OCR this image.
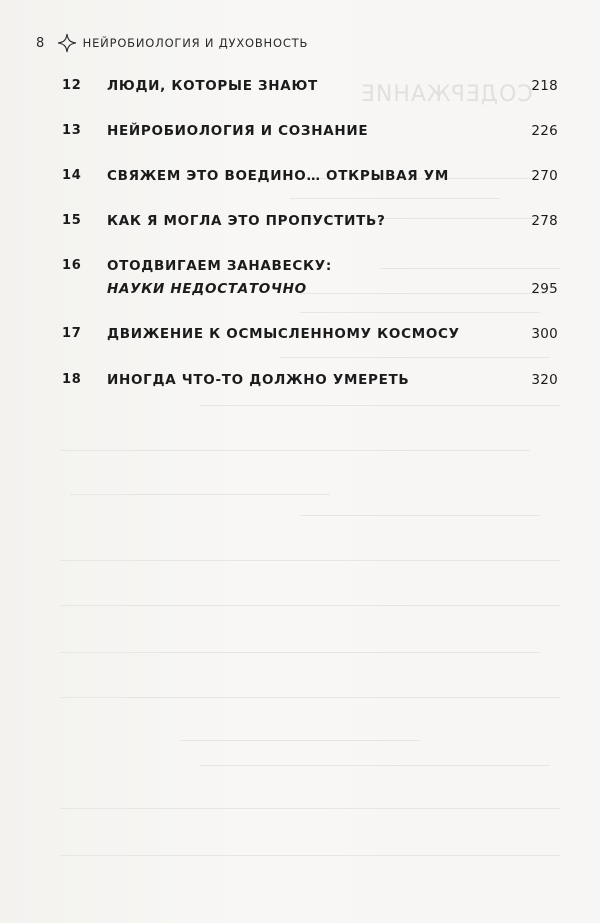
СОДЕРЖАНИЕ
8	НЕЙРОБИОЛОГИЯ И ДУХОВНОСТЬ
12 ЛЮДИ, КОТОРЫЕ ЗНАЮТ	218
13 НЕЙРОБИОЛОГИЯ И СОЗНАНИЕ	226
14 СВЯЖЕМ ЭТО ВОЕДИНО… ОТКРЫВАЯ УМ	270
15 КАК Я МОГЛА ЭТО ПРОПУСТИТЬ?	278
16 ОТОДВИГАЕМ ЗАНАВЕСКУ:
НАУКИ НЕДОСТАТОЧНО	295
17 ДВИЖЕНИЕ К ОСМЫСЛЕННОМУ КОСМОСУ	300
18 ИНОГДА ЧТО-ТО ДОЛЖНО УМЕРЕТЬ	320
